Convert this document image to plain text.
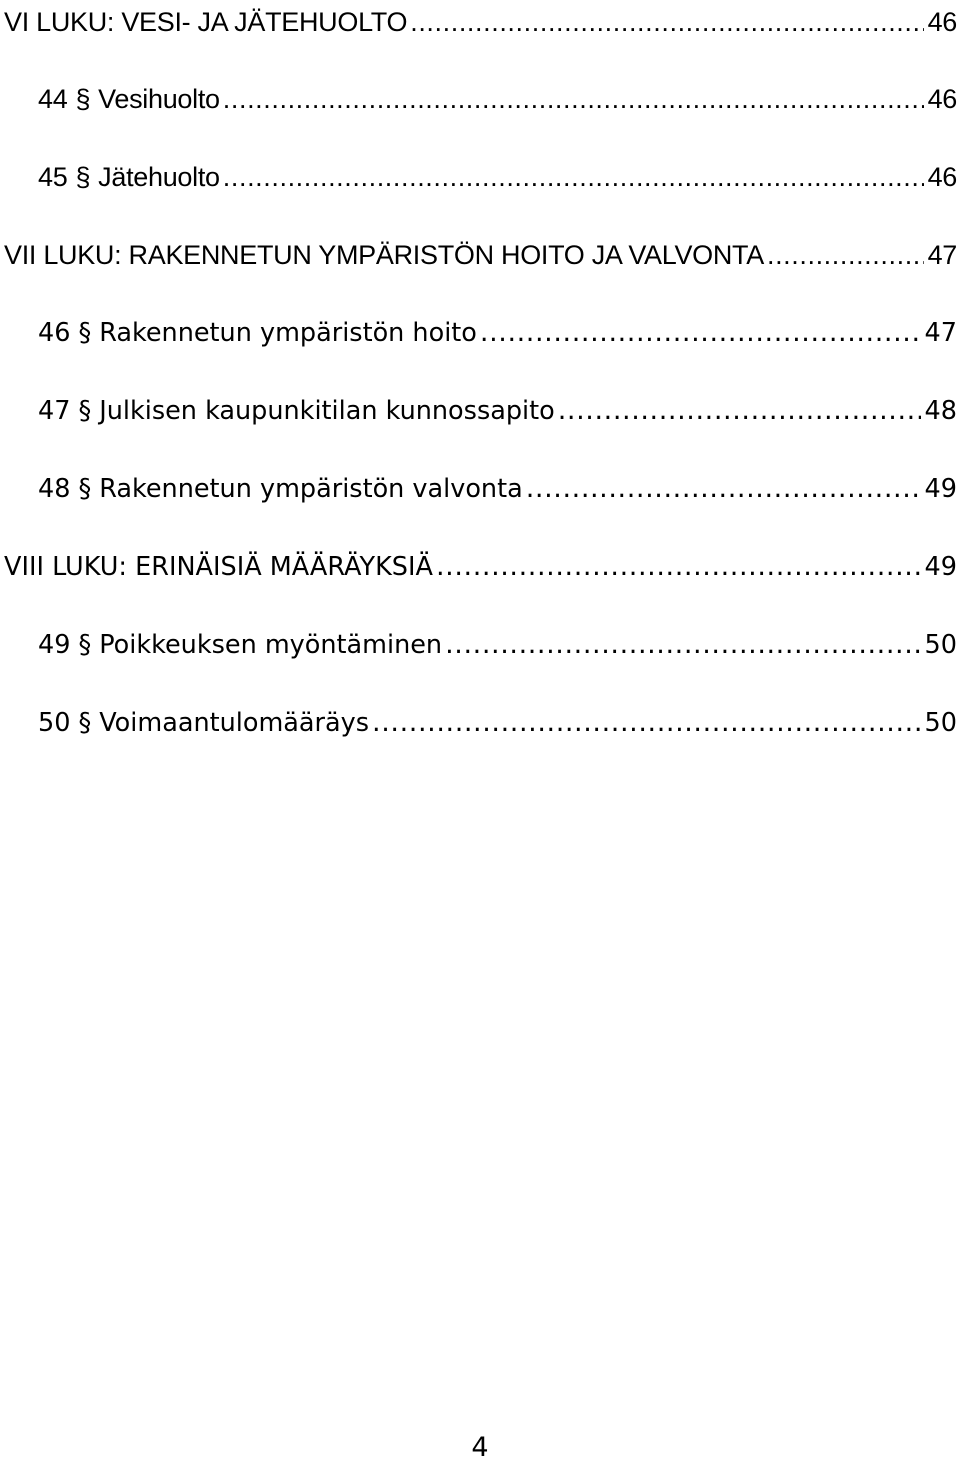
VI LUKU: VESI- JA JÄTEHUOLTO .....	46
44 § Vesihuolto .....	46
45 § Jätehuolto .....	46
VII LUKU: RAKENNETUN YMPÄRISTÖN HOITO JA VALVONTA .....	47
46 § Rakennetun ympäristön hoito .....	47
47 § Julkisen kaupunkitilan kunnossapito .....	48
48 § Rakennetun ympäristön valvonta .....	49
VIII LUKU: ERINÄISIÄ MÄÄRÄYKSIÄ .....	49
49 § Poikkeuksen myöntäminen .....	50
50 § Voimaantulomääräys .....	50
4
